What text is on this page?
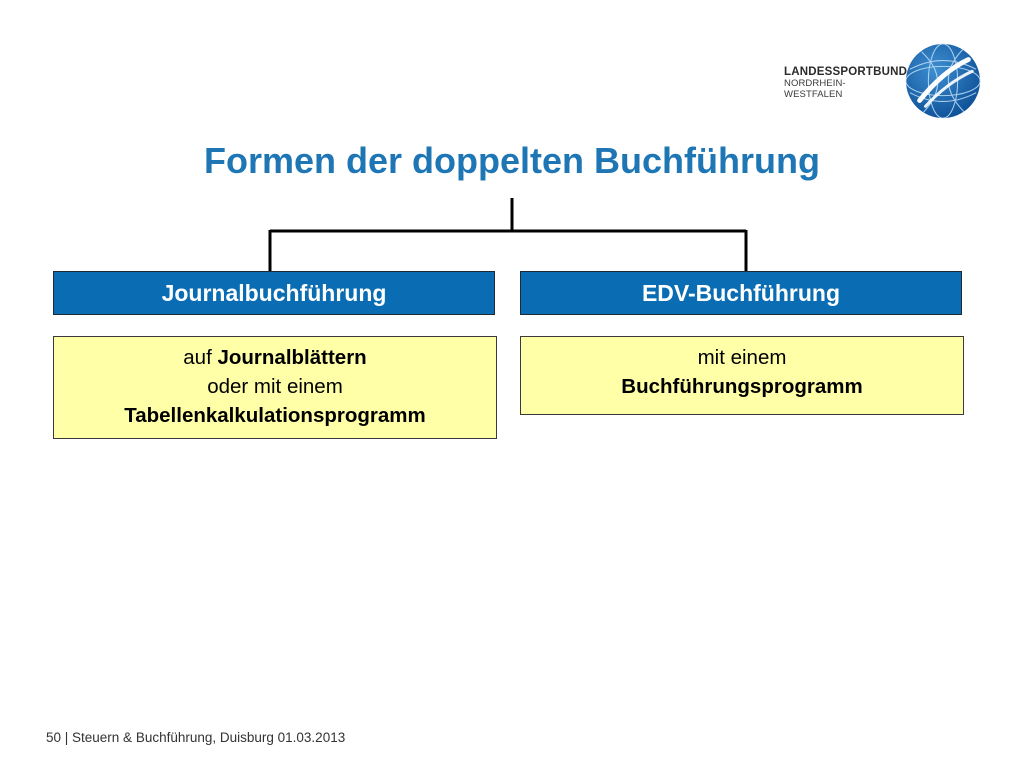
LANDESSPORTBUND
NORDRHEIN-WESTFALEN
Formen der doppelten Buchführung
Journalbuchführung	EDV-Buchführung
auf Journalblättern
oder mit einem
Tabellenkalkulationsprogramm
mit einem
Buchführungsprogramm
50 | Steuern & Buchführung, Duisburg 01.03.2013
